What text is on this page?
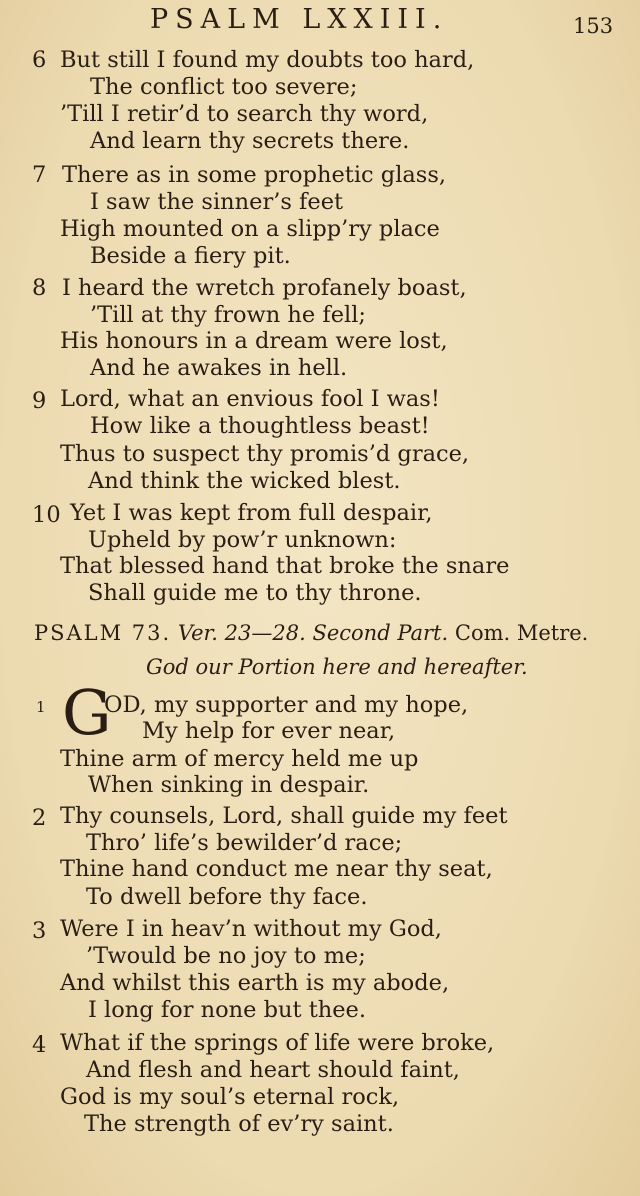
PSALM LXXIII.	153
6 But still I found my doubts too hard,
The conflict too severe;
’Till I retir’d to search thy word,
And learn thy secrets there.
7 There as in some prophetic glass,
I saw the sinner’s feet
High mounted on a slipp’ry place
Beside a fiery pit.
8 I heard the wretch profanely boast,
’Till at thy frown he fell;
His honours in a dream were lost,
And he awakes in hell.
9 Lord, what an envious fool I was!
How like a thoughtless beast!
Thus to suspect thy promis’d grace,
And think the wicked blest.
10 Yet I was kept from full despair,
Upheld by pow’r unknown:
That blessed hand that broke the snare
Shall guide me to thy throne.
PSALM 73. Ver. 23—28. Second Part. Com. Metre.
God our Portion here and hereafter.
1 G
OD, my supporter and my hope,
My help for ever near,
Thine arm of mercy held me up
When sinking in despair.
2 Thy counsels, Lord, shall guide my feet
Thro’ life’s bewilder’d race;
Thine hand conduct me near thy seat,
To dwell before thy face.
3 Were I in heav’n without my God,
’Twould be no joy to me;
And whilst this earth is my abode,
I long for none but thee.
4 What if the springs of life were broke,
And flesh and heart should faint,
God is my soul’s eternal rock,
The strength of ev’ry saint.
